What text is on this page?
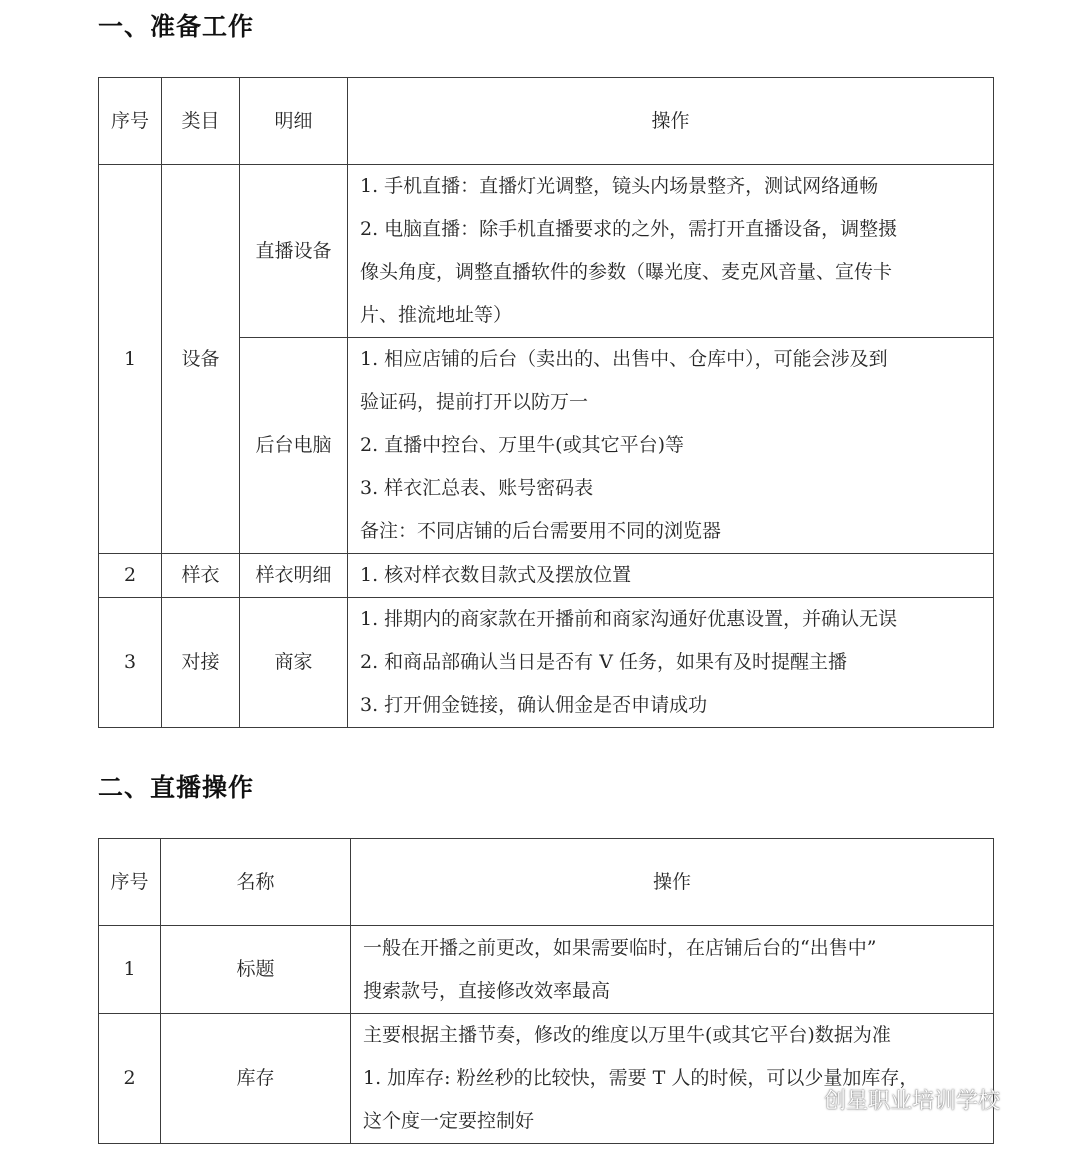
一、准备工作
序号	类目	明细	操作
1	设备	直播设备	1. 手机直播：直播灯光调整，镜头内场景整齐，测试网络通畅
2. 电脑直播：除手机直播要求的之外，需打开直播设备，调整摄
像头角度，调整直播软件的参数（曝光度、麦克风音量、宣传卡
片、推流地址等）

		后台电脑	1. 相应店铺的后台（卖出的、出售中、仓库中），可能会涉及到
验证码，提前打开以防万一
2. 直播中控台、万里牛(或其它平台)等
3. 样衣汇总表、账号密码表
备注：不同店铺的后台需要用不同的浏览器

2	样衣	样衣明细	1. 核对样衣数目款式及摆放位置

3	对接	商家	1. 排期内的商家款在开播前和商家沟通好优惠设置，并确认无误
2. 和商品部确认当日是否有 V 任务，如果有及时提醒主播
3. 打开佣金链接，确认佣金是否申请成功
二、直播操作
序号	名称	操作
1	标题	一般在开播之前更改，如果需要临时，在店铺后台的“出售中”
搜索款号，直接修改效率最高

2	库存	主要根据主播节奏，修改的维度以万里牛(或其它平台)数据为准
1. 加库存: 粉丝秒的比较快，需要 T 人的时候，可以少量加库存，
这个度一定要控制好
创星职业培训学校
